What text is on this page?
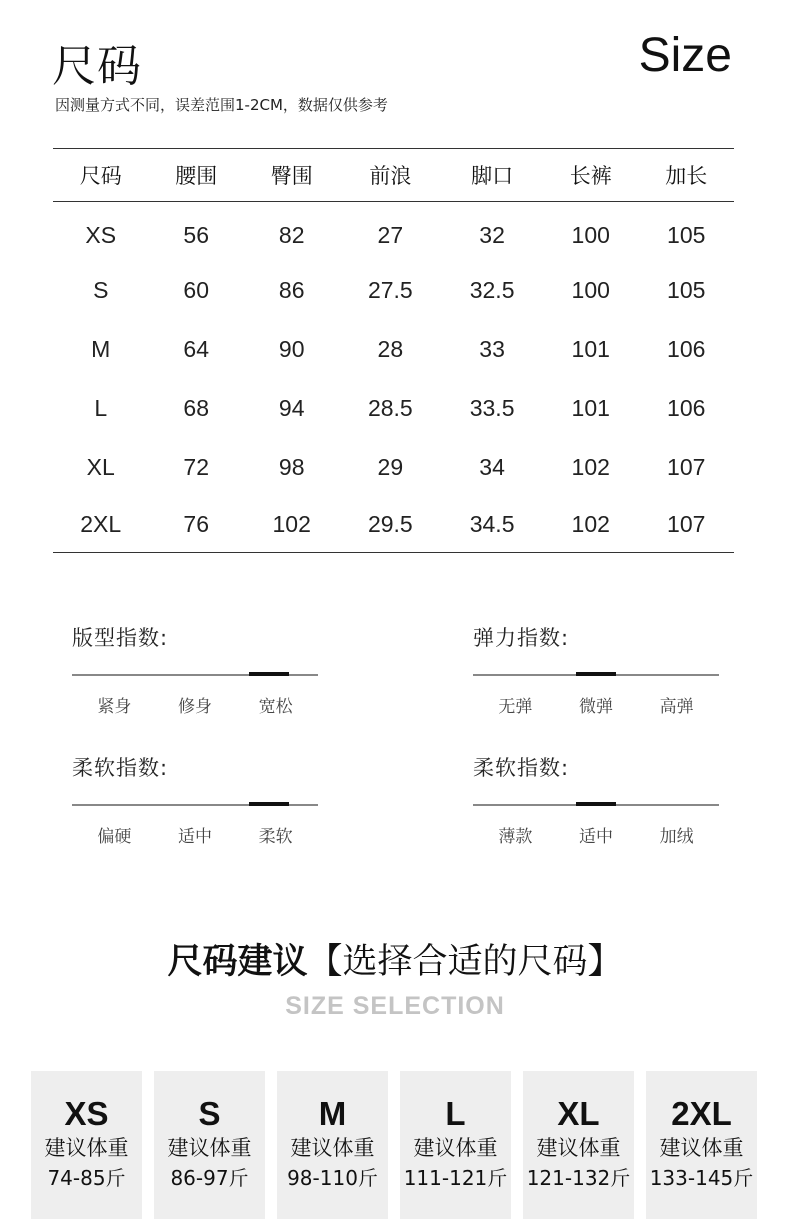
尺码	Size
因测量方式不同，误差范围1-2CM，数据仅供参考
尺码	腰围	臀围	前浪	脚口	长裤	加长
XS	56	82	27	32	100	105
S	60	86	27.5	32.5	100	105
M	64	90	28	33	101	106
L	68	94	28.5	33.5	101	106
XL	72	98	29	34	102	107
2XL	76	102	29.5	34.5	102	107
版型指数:
紧身	修身	宽松
弹力指数:
无弹	微弹	高弹
柔软指数:
偏硬	适中	柔软
柔软指数:
薄款	适中	加绒
尺码建议【选择合适的尺码】
SIZE SELECTION
XS
建议体重
74-85斤
S
建议体重
86-97斤
M
建议体重
98-110斤
L
建议体重
111-121斤
XL
建议体重
121-132斤
2XL
建议体重
133-145斤
